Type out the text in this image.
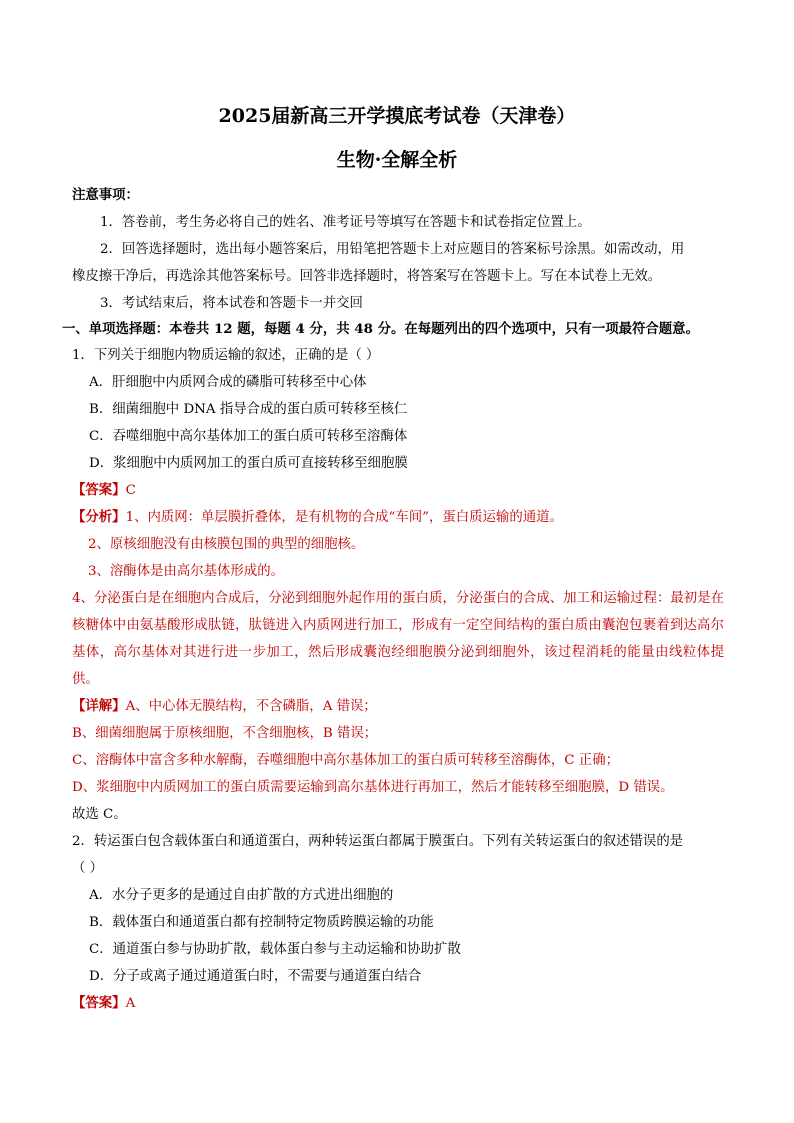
2025届新高三开学摸底考试卷（天津卷）
生物·全解全析

注意事项：

1．答卷前，考生务必将自己的姓名、准考证号等填写在答题卡和试卷指定位置上。

2．回答选择题时，选出每小题答案后，用铅笔把答题卡上对应题目的答案标号涂黑。如需改动，用

橡皮擦干净后，再选涂其他答案标号。回答非选择题时，将答案写在答题卡上。写在本试卷上无效。

3．考试结束后，将本试卷和答题卡一并交回

一、单项选择题：本卷共 12 题，每题 4 分，共 48 分。在每题列出的四个选项中，只有一项最符合题意。

1．下列关于细胞内物质运输的叙述，正确的是（ ）

A．肝细胞中内质网合成的磷脂可转移至中心体

B．细菌细胞中 DNA 指导合成的蛋白质可转移至核仁

C．吞噬细胞中高尔基体加工的蛋白质可转移至溶酶体

D．浆细胞中内质网加工的蛋白质可直接转移至细胞膜

【答案】C

【分析】1、内质网：单层膜折叠体，是有机物的合成“车间”，蛋白质运输的通道。

2、原核细胞没有由核膜包围的典型的细胞核。

3、溶酶体是由高尔基体形成的。

4、分泌蛋白是在细胞内合成后，分泌到细胞外起作用的蛋白质，分泌蛋白的合成、加工和运输过程：最初是在核糖体中由氨基酸形成肽链，肽链进入内质网进行加工，形成有一定空间结构的蛋白质由囊泡包裹着到达高尔基体，高尔基体对其进行进一步加工，然后形成囊泡经细胞膜分泌到细胞外，该过程消耗的能量由线粒体提供。

【详解】A、中心体无膜结构，不含磷脂，A 错误；

B、细菌细胞属于原核细胞，不含细胞核，B 错误；

C、溶酶体中富含多种水解酶，吞噬细胞中高尔基体加工的蛋白质可转移至溶酶体，C 正确；

D、浆细胞中内质网加工的蛋白质需要运输到高尔基体进行再加工，然后才能转移至细胞膜，D 错误。

故选 C。

2．转运蛋白包含载体蛋白和通道蛋白，两种转运蛋白都属于膜蛋白。下列有关转运蛋白的叙述错误的是

（ ）

A．水分子更多的是通过自由扩散的方式进出细胞的

B．载体蛋白和通道蛋白都有控制特定物质跨膜运输的功能

C．通道蛋白参与协助扩散，载体蛋白参与主动运输和协助扩散

D．分子或离子通过通道蛋白时，不需要与通道蛋白结合

【答案】A
